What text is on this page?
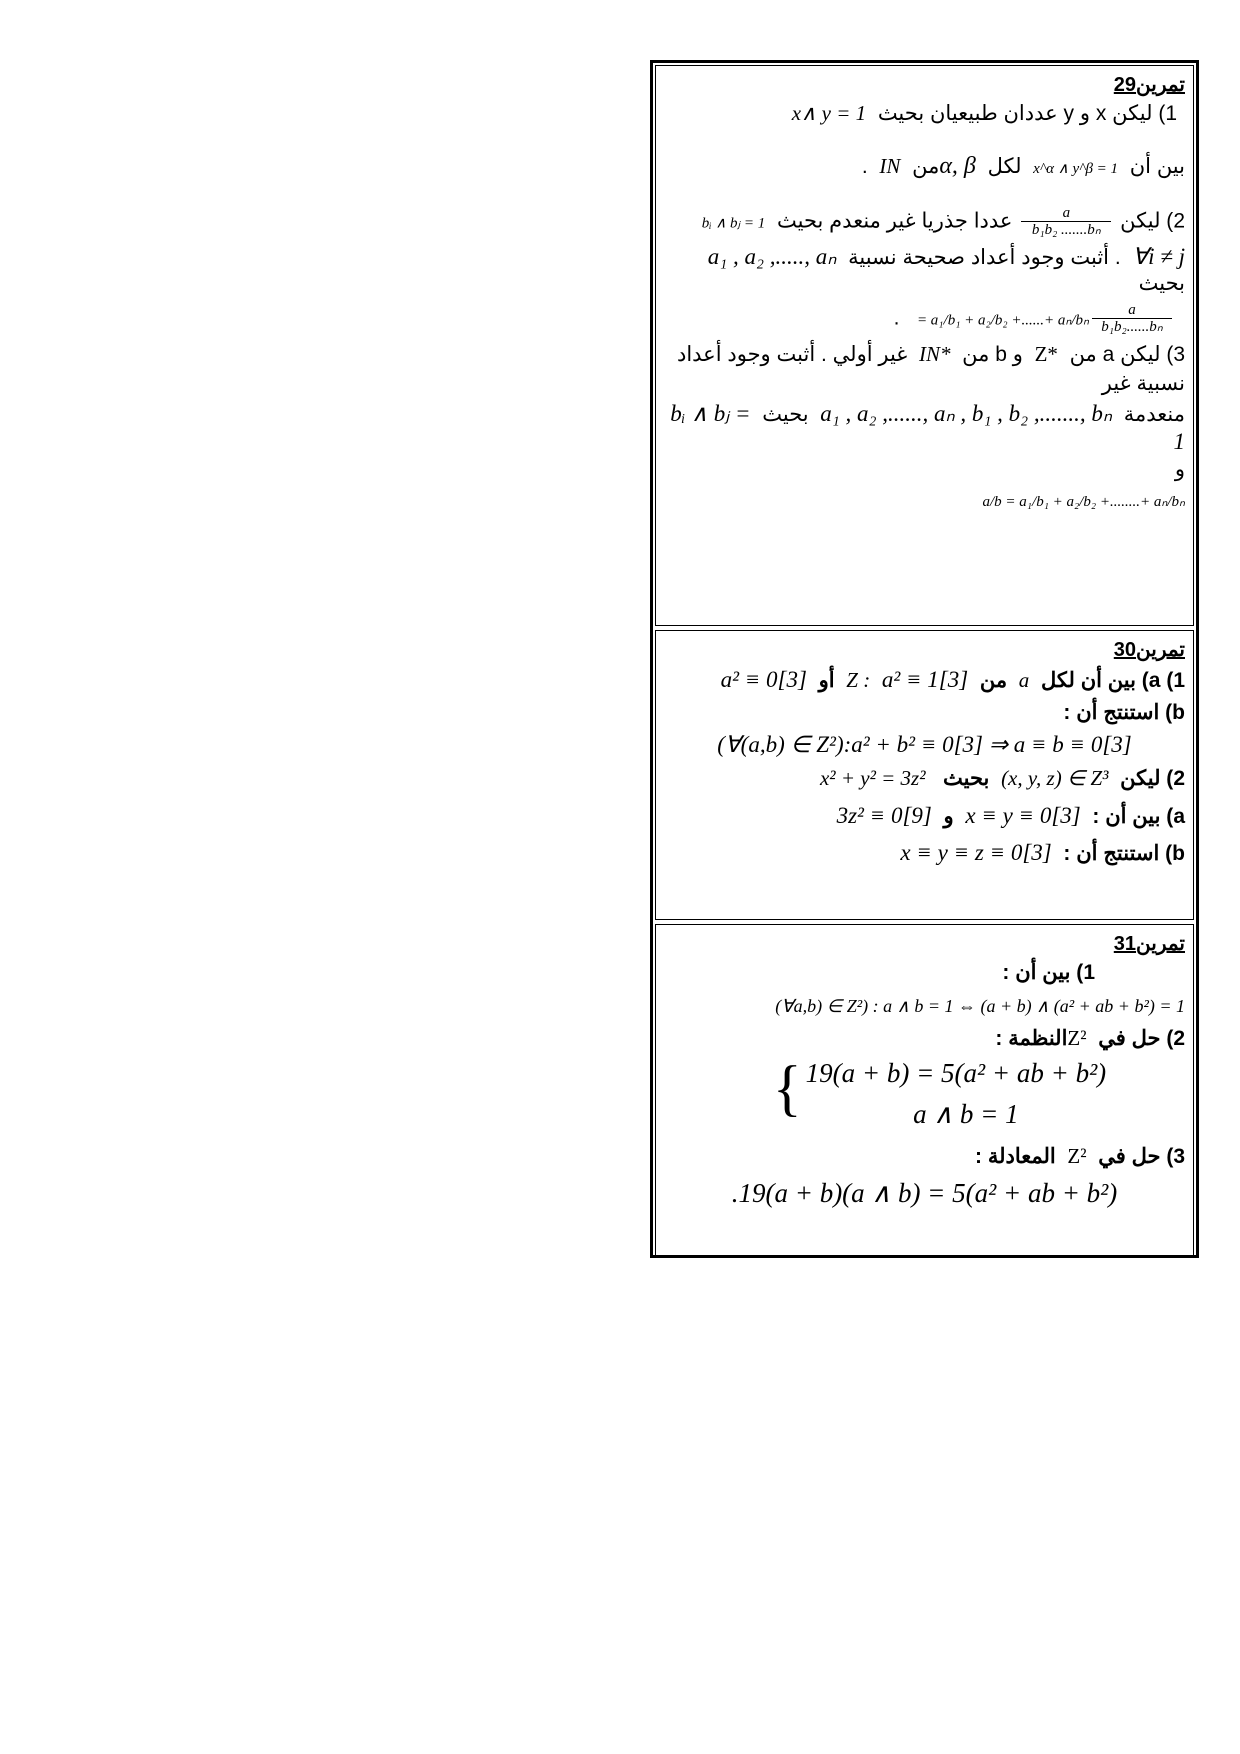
تمرين29

1) ليكن x و y عددان طبيعيان بحيث  x∧ y = 1

بين أن  x^α ∧ y^β = 1  لكل  α, βمن  IN  .

2) ليكن
$\frac{a}{\text{b₁b₂ .......bₙ}}$
عددا جذريا غير منعدم بحيث  bᵢ ∧ bⱼ = 1

∀i ≠ j  . أثبت وجود أعداد صحيحة نسبية  a₁ , a₂ ,....., aₙ

بحيث

$\frac{a}{\text{b₁b₂......bₙ}}$
= a₁/b₁ + a₂/b₂ +......+ aₙ/bₙ   .

3) ليكن a من  Z*  و b من  IN*  غير أولي . أثبت وجود أعداد

نسبية غير

منعدمة  a₁ , a₂ ,......, aₙ , b₁ , b₂ ,......., bₙ  بحيث  bᵢ ∧ bⱼ = 1

و

a/b = a₁/b₁ + a₂/b₂ +........+ aₙ/bₙ

تمرين30

1) a) بين أن لكل  a  من  Z : a² ≡ 1[3]  أو  a² ≡ 0[3]

b) استنتج أن :

(∀(a,b) ∈ Z²):a² + b² ≡ 0[3] ⇒ a ≡ b ≡ 0[3]

2) ليكن  (x, y, z) ∈ Z³  بحيث   x² + y² = 3z²

a) بين أن :  x ≡ y ≡ 0[3]  و  3z² ≡ 0[9]

b) استنتج أن :  x ≡ y ≡ z ≡ 0[3]

تمرين31

1) بين أن :

(∀a,b) ∈ Z²) : a ∧ b = 1 ⇔ (a + b) ∧ (a² + ab + b²) = 1

2) حل في  Z²النظمة :

{ 19(a + b) = 5(a² + ab + b²)
a ∧ b = 1

3) حل في  Z²  المعادلة :

.19(a + b)(a ∧ b) = 5(a² + ab + b²)
